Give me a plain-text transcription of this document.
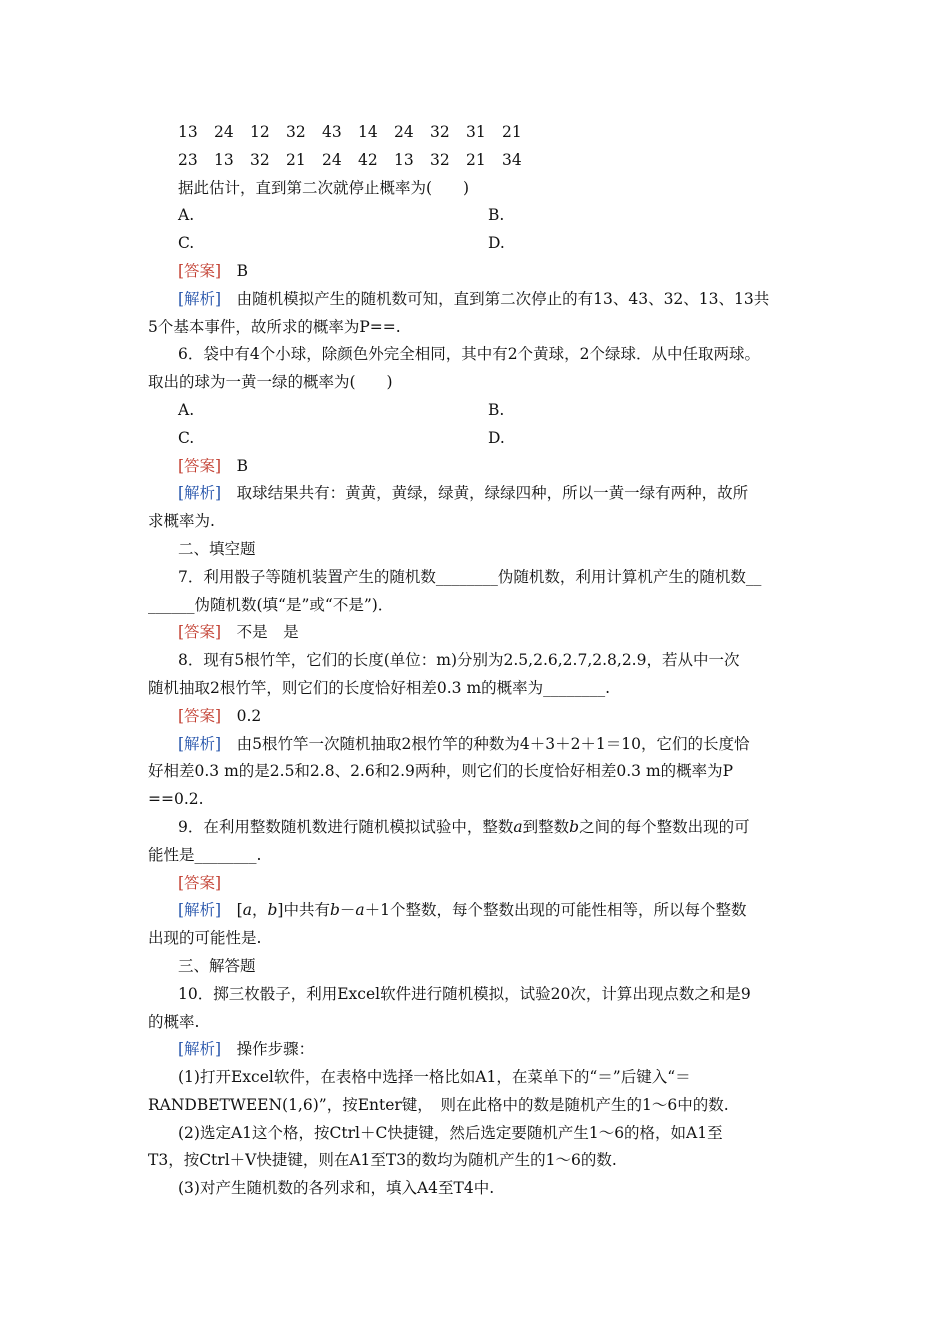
13 24 12 32 43 14 24 32 31 21
23 13 32 21 24 42 13 32 21 34
据此估计，直到第二次就停止概率为(　　)
A.	B.
C.	D.
[答案]　 B
[解析]　 由随机模拟产生的随机数可知，直到第二次停止的有13、43、32、13、13共
5个基本事件，故所求的概率为P==.
6．袋中有4个小球，除颜色外完全相同，其中有2个黄球，2个绿球．从中任取两球。
取出的球为一黄一绿的概率为(　　)
A.	B.
C.	D.
[答案]　 B
[解析]　 取球结果共有：黄黄，黄绿，绿黄，绿绿四种，所以一黄一绿有两种，故所
求概率为.
二、填空题
7．利用骰子等随机装置产生的随机数________伪随机数，利用计算机产生的随机数__
______伪随机数(填“是”或“不是”)．
[答案]　 不是　是
8．现有5根竹竿，它们的长度(单位：m)分别为2.5,2.6,2.7,2.8,2.9，若从中一次
随机抽取2根竹竿，则它们的长度恰好相差0.3 m的概率为________.
[答案]　 0.2
[解析]　 由5根竹竿一次随机抽取2根竹竿的种数为4＋3＋2＋1＝10，它们的长度恰
好相差0.3 m的是2.5和2.8、2.6和2.9两种，则它们的长度恰好相差0.3 m的概率为P
==0.2.
9．在利用整数随机数进行随机模拟试验中，整数a到整数b之间的每个整数出现的可
能性是________.
[答案]
[解析]　 [a，b]中共有b－a＋1个整数，每个整数出现的可能性相等，所以每个整数
出现的可能性是.
三、解答题
10．掷三枚骰子，利用Excel软件进行随机模拟，试验20次，计算出现点数之和是9
的概率.
[解析]　 操作步骤：
(1)打开Excel软件，在表格中选择一格比如A1，在菜单下的“＝”后键入“＝
RANDBETWEEN(1,6)”，按Enter键，　则在此格中的数是随机产生的1～6中的数.
(2)选定A1这个格，按Ctrl＋C快捷键，然后选定要随机产生1～6的格，如A1至
T3，按Ctrl＋V快捷键，则在A1至T3的数均为随机产生的1～6的数.
(3)对产生随机数的各列求和，填入A4至T4中.
